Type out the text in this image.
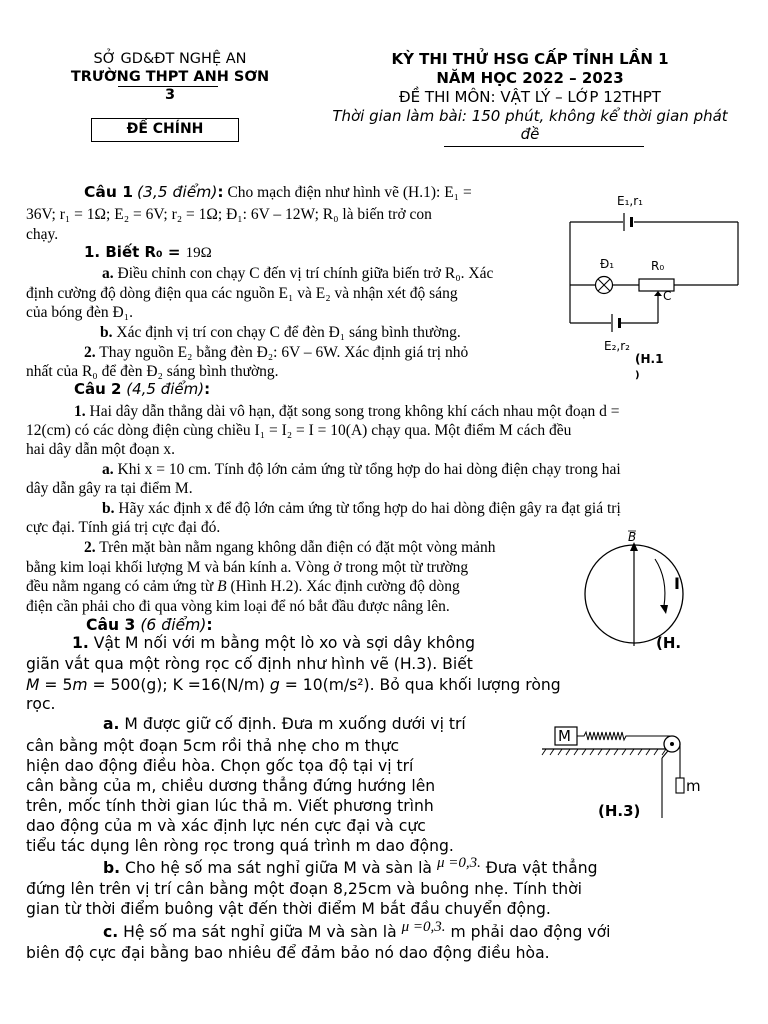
SỞ GD&ĐT NGHỆ AN
TRƯỜNG THPT ANH SƠN
3
ĐỀ CHÍNH
KỲ THI THỬ HSG CẤP TỈNH LẦN 1
NĂM HỌC 2022 – 2023
ĐỀ THI MÔN: VẬT LÝ – LỚP 12THPT
Thời gian làm bài: 150 phút, không kể thời gian phát
đề
Câu 1 (3,5 điểm): Cho mạch điện như hình vẽ (H.1): E₁ =
36V; r₁ = 1Ω; E₂ = 6V; r₂ = 1Ω; Đ₁: 6V – 12W; R₀ là biến trở con
chạy.
1. Biết R₀ = 19Ω
a. Điều chỉnh con chạy C đến vị trí chính giữa biến trở R₀. Xác
định cường độ dòng điện qua các nguồn E₁ và E₂ và nhận xét độ sáng
của bóng đèn Đ₁.
b. Xác định vị trí con chạy C để đèn Đ₁ sáng bình thường.
2. Thay nguồn E₂ bằng đèn Đ₂: 6V – 6W. Xác định giá trị nhỏ
nhất của R₀ để đèn Đ₂ sáng bình thường.
E₁,r₁
Đ₁	R₀
C
E₂,r₂
(H.1
)
Câu 2 (4,5 điểm):
1. Hai dây dẫn thẳng dài vô hạn, đặt song song trong không khí cách nhau một đoạn d =
12(cm) có các dòng điện cùng chiều I₁ = I₂ = I = 10(A) chạy qua. Một điểm M cách đều
hai dây dẫn một đoạn x.
a. Khi x = 10 cm. Tính độ lớn cảm ứng từ tổng hợp do hai dòng điện chạy trong hai
dây dẫn gây ra tại điểm M.
b. Hãy xác định x để độ lớn cảm ứng từ tổng hợp do hai dòng điện gây ra đạt giá trị
cực đại. Tính giá trị cực đại đó.
2. Trên mặt bàn nằm ngang không dẫn điện có đặt một vòng mảnh
bằng kim loại khối lượng M và bán kính a. Vòng ở trong một từ trường
đều nằm ngang có cảm ứng từ B (Hình H.2). Xác định cường độ dòng
điện cần phải cho đi qua vòng kim loại để nó bắt đầu được nâng lên.
B
I
(H.
Câu 3 (6 điểm):
1. Vật M nối với m bằng một lò xo và sợi dây không
giãn vắt qua một ròng rọc cố định như hình vẽ (H.3). Biết
M = 5m = 500(g); K =16(N/m) g = 10(m/s²). Bỏ qua khối lượng ròng
rọc.
a. M được giữ cố định. Đưa m xuống dưới vị trí
cân bằng một đoạn 5cm rồi thả nhẹ cho m thực
hiện dao động điều hòa. Chọn gốc tọa độ tại vị trí
cân bằng của m, chiều dương thẳng đứng hướng lên
trên, mốc tính thời gian lúc thả m. Viết phương trình
dao động của m và xác định lực nén cực đại và cực
tiểu tác dụng lên ròng rọc trong quá trình m dao động.
b. Cho hệ số ma sát nghỉ giữa M và sàn là μ =0,3. Đưa vật thẳng
đứng lên trên vị trí cân bằng một đoạn 8,25cm và buông nhẹ. Tính thời
gian từ thời điểm buông vật đến thời điểm M bắt đầu chuyển động.
c. Hệ số ma sát nghỉ giữa M và sàn là μ =0,3. m phải dao động với
biên độ cực đại bằng bao nhiêu để đảm bảo nó dao động điều hòa.
M
m
(H.3)
